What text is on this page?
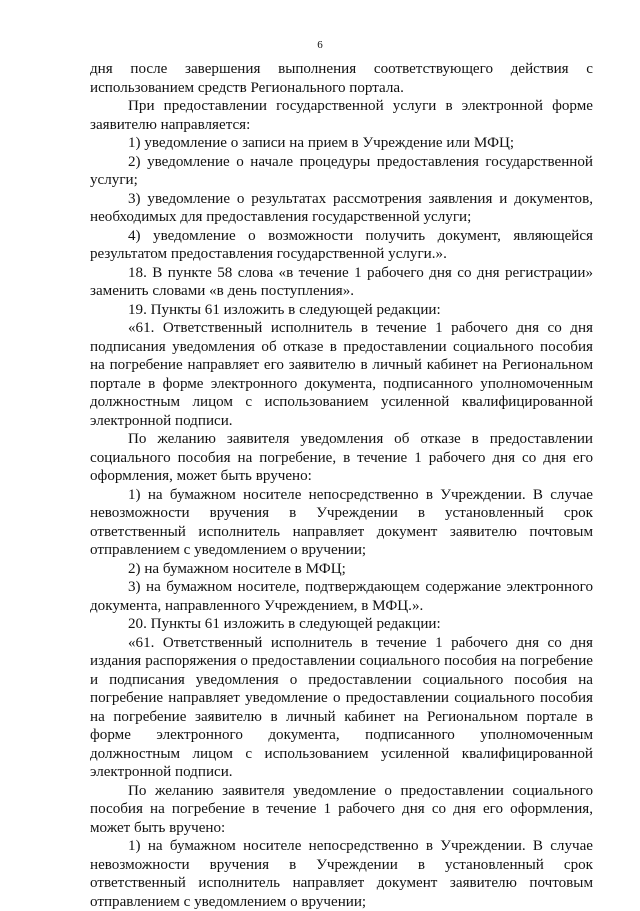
6

дня после завершения выполнения соответствующего действия с использованием средств Регионального портала.

При предоставлении государственной услуги в электронной форме заявителю направляется:

1) уведомление о записи на прием в Учреждение или МФЦ;

2) уведомление о начале процедуры предоставления государственной услуги;

3) уведомление о результатах рассмотрения заявления и документов, необходимых для предоставления государственной услуги;

4) уведомление о возможности получить документ, являющейся результатом предоставления государственной услуги.».

18. В пункте 58 слова «в течение 1 рабочего дня со дня регистрации» заменить словами «в день поступления».

19. Пункты 61 изложить в следующей редакции:

«61. Ответственный исполнитель в течение 1 рабочего дня со дня подписания уведомления об отказе в предоставлении социального пособия на погребение направляет его заявителю в личный кабинет на Региональном портале в форме электронного документа, подписанного уполномоченным должностным лицом с использованием усиленной квалифицированной электронной подписи.

По желанию заявителя уведомления об отказе в предоставлении социального пособия на погребение, в течение 1 рабочего дня со дня его оформления, может быть вручено:

1) на бумажном носителе непосредственно в Учреждении. В случае невозможности вручения в Учреждении в установленный срок ответственный исполнитель направляет документ заявителю почтовым отправлением с уведомлением о вручении;

2) на бумажном носителе в МФЦ;

3) на бумажном носителе, подтверждающем содержание электронного документа, направленного Учреждением, в МФЦ.».

20. Пункты 61 изложить в следующей редакции:

«61. Ответственный исполнитель в течение 1 рабочего дня со дня издания распоряжения о предоставлении социального пособия на погребение и подписания уведомления о предоставлении социального пособия на погребение направляет уведомление о предоставлении социального пособия на погребение заявителю в личный кабинет на Региональном портале в форме электронного документа, подписанного уполномоченным должностным лицом с использованием усиленной квалифицированной электронной подписи.

По желанию заявителя уведомление о предоставлении социального пособия на погребение в течение 1 рабочего дня со дня его оформления, может быть вручено:

1) на бумажном носителе непосредственно в Учреждении. В случае невозможности вручения в Учреждении в установленный срок ответственный исполнитель направляет документ заявителю почтовым отправлением с уведомлением о вручении;
